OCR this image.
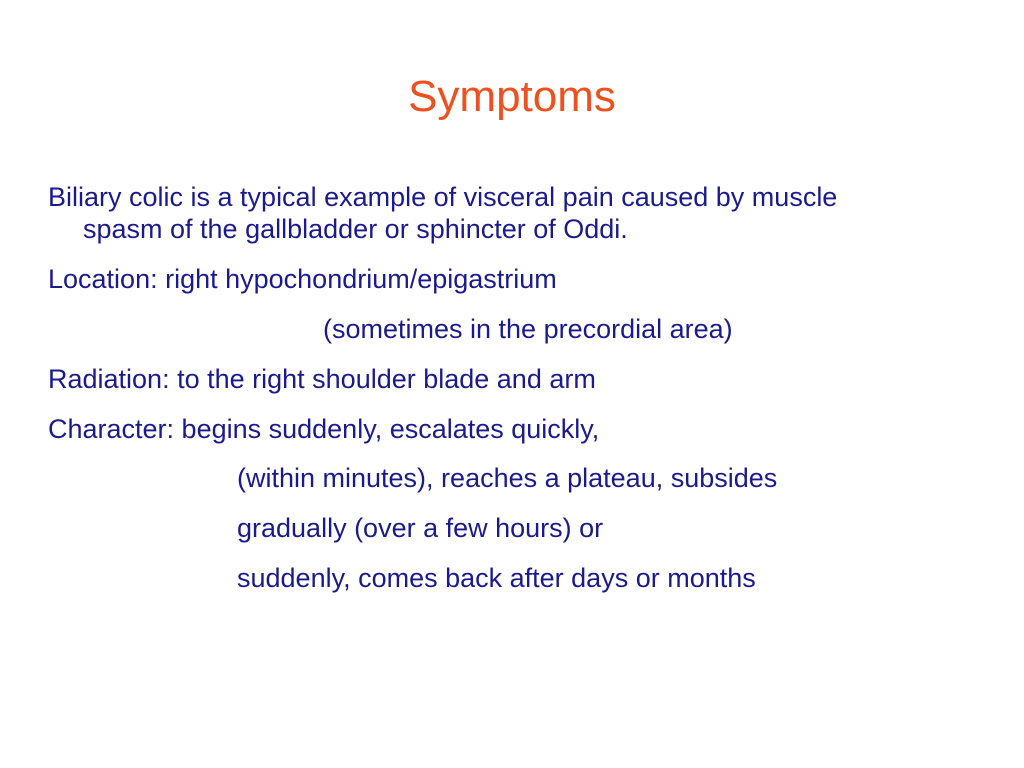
Symptoms
Biliary colic is a typical example of visceral pain caused by muscle
spasm of the gallbladder or sphincter of Oddi.
Location: right hypochondrium/epigastrium
(sometimes in the precordial area)
Radiation: to the right shoulder blade and arm
Character: begins suddenly, escalates quickly,
(within minutes), reaches a plateau, subsides
gradually (over a few hours) or
suddenly, comes back after days or months
